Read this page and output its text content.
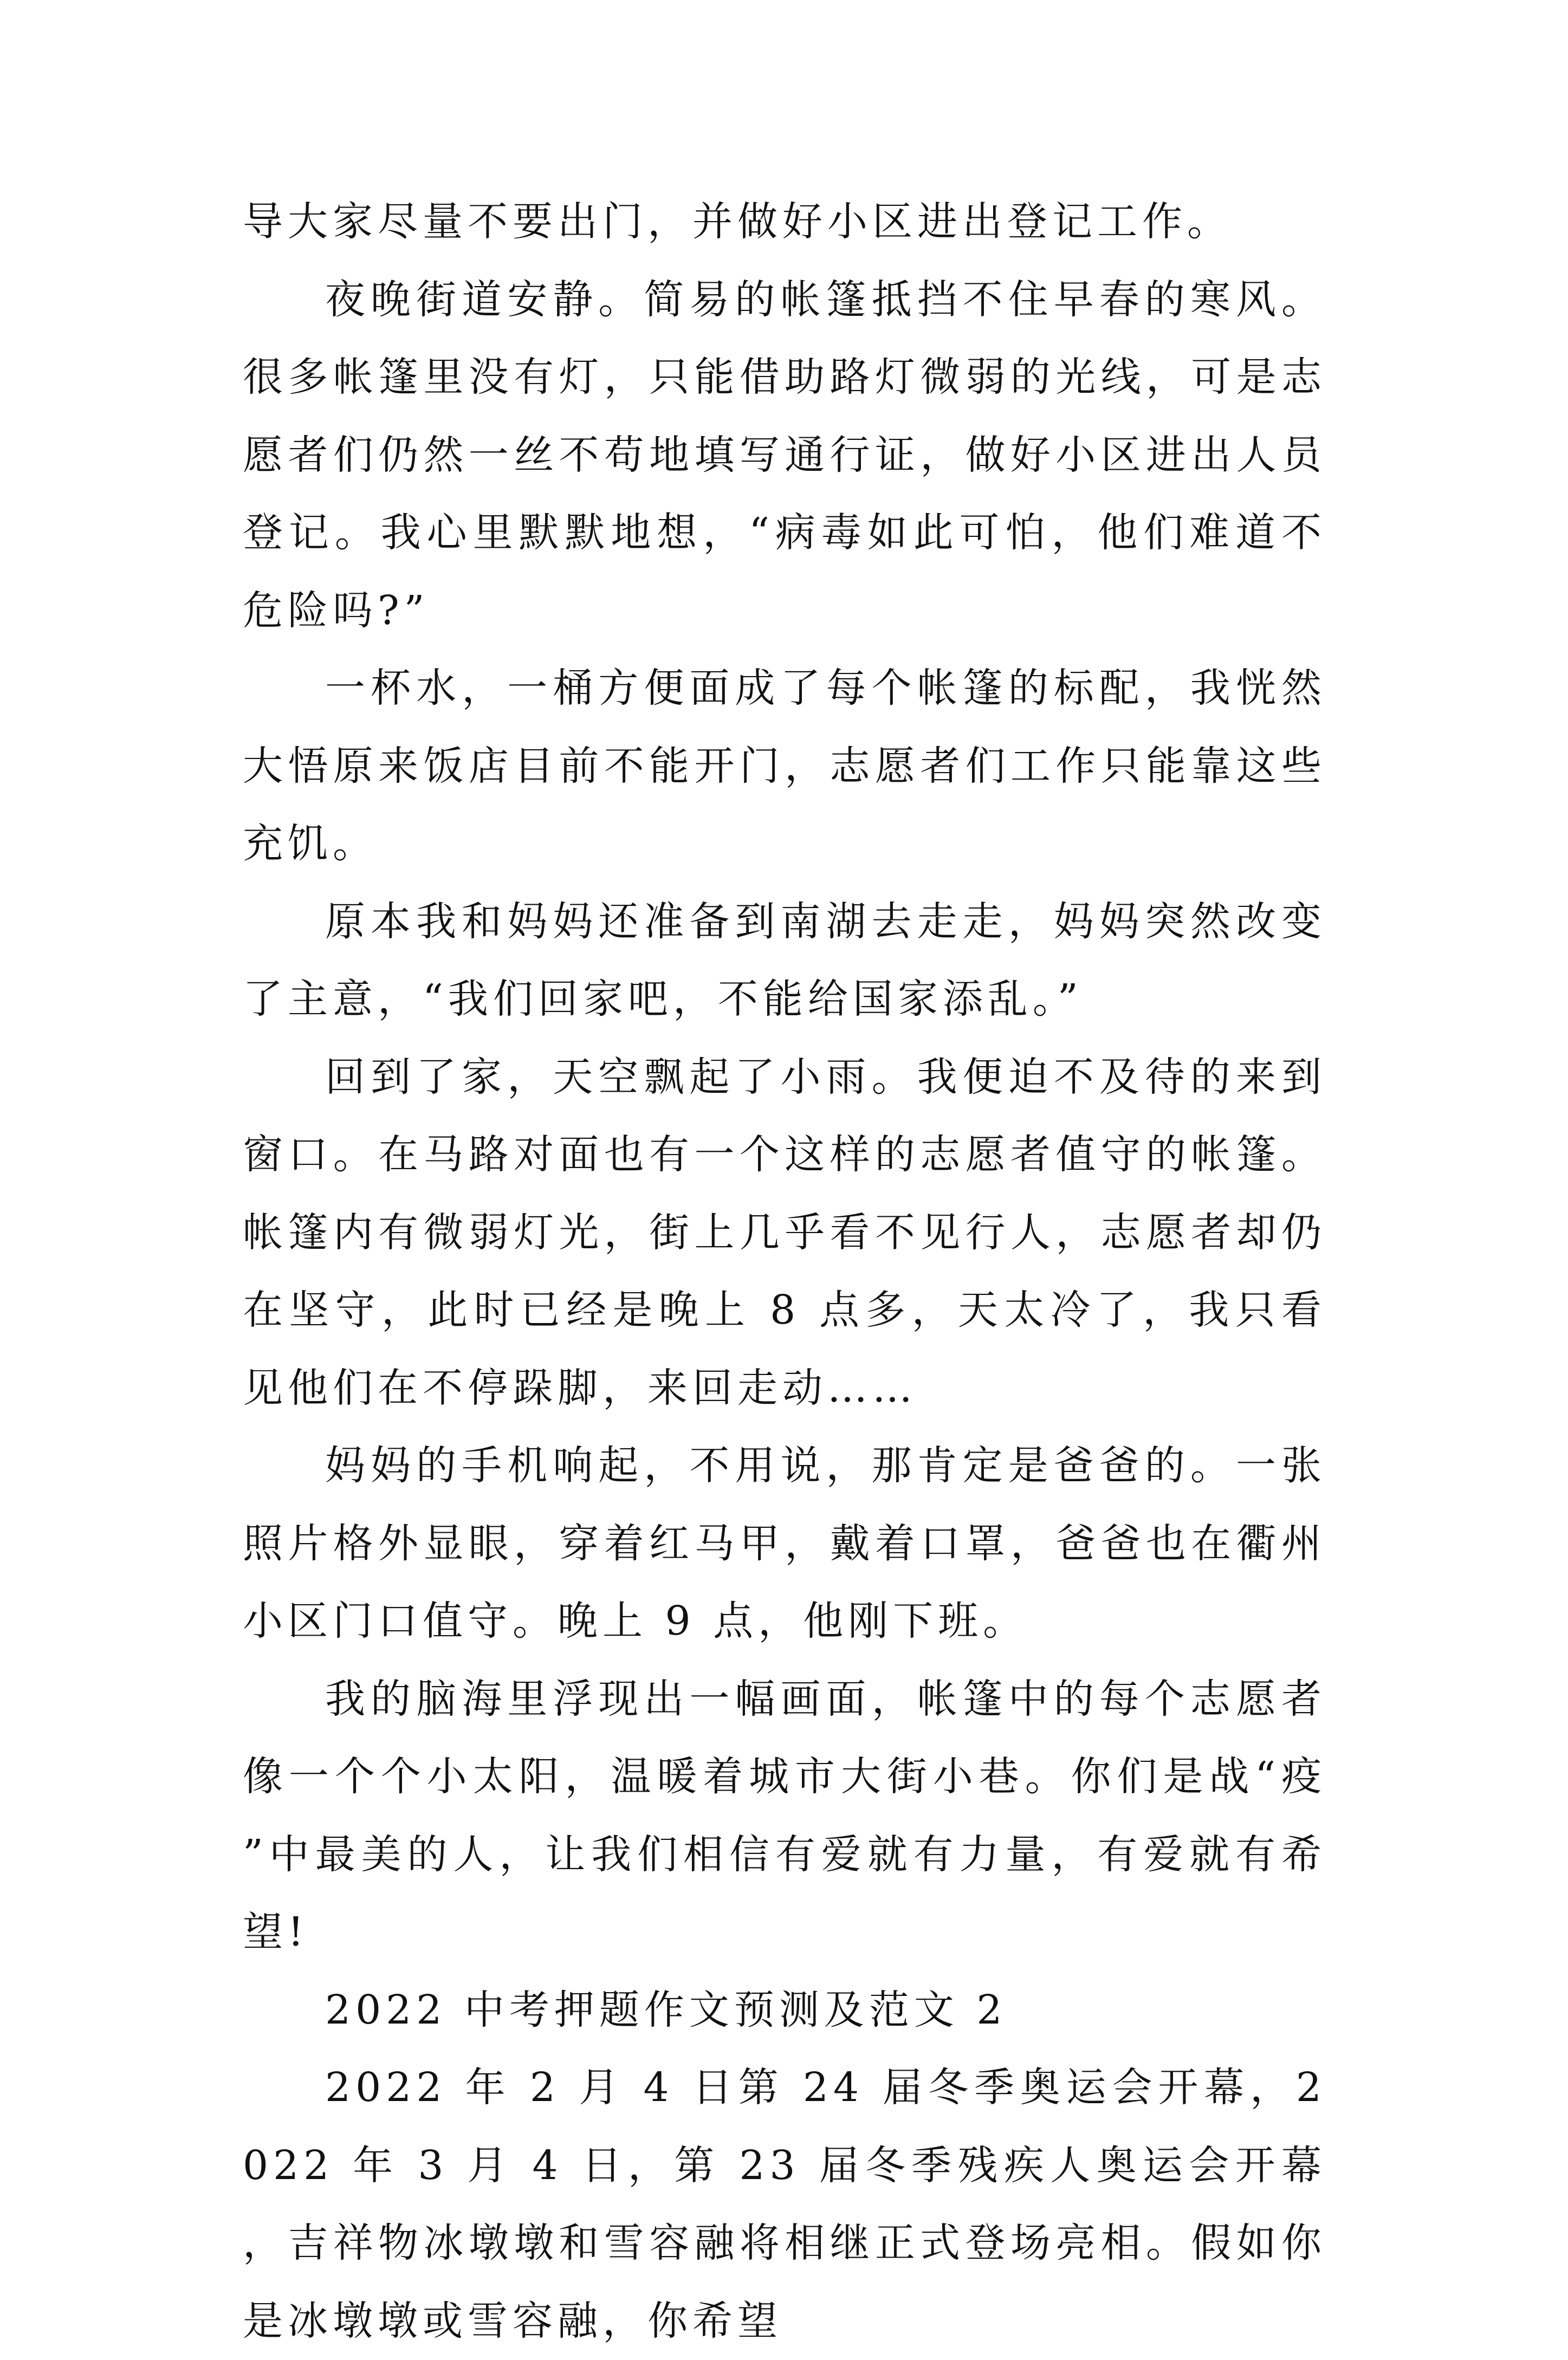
导大家尽量不要出门，并做好小区进出登记工作。

夜晚街道安静。简易的帐篷抵挡不住早春的寒风。很多帐篷里没有灯，只能借助路灯微弱的光线，可是志愿者们仍然一丝不苟地填写通行证，做好小区进出人员登记。我心里默默地想，“病毒如此可怕，他们难道不危险吗?”

一杯水，一桶方便面成了每个帐篷的标配，我恍然大悟原来饭店目前不能开门，志愿者们工作只能靠这些充饥。

原本我和妈妈还准备到南湖去走走，妈妈突然改变了主意，“我们回家吧，不能给国家添乱。”

回到了家，天空飘起了小雨。我便迫不及待的来到窗口。在马路对面也有一个这样的志愿者值守的帐篷。帐篷内有微弱灯光，街上几乎看不见行人，志愿者却仍在坚守，此时已经是晚上 8 点多，天太冷了，我只看见他们在不停跺脚，来回走动……

妈妈的手机响起，不用说，那肯定是爸爸的。一张照片格外显眼，穿着红马甲，戴着口罩，爸爸也在衢州小区门口值守。晚上 9 点，他刚下班。

我的脑海里浮现出一幅画面，帐篷中的每个志愿者像一个个小太阳，温暖着城市大街小巷。你们是战“疫”中最美的人，让我们相信有爱就有力量，有爱就有希望!

2022 中考押题作文预测及范文 2

2022 年 2 月 4 日第 24 届冬季奥运会开幕，2022 年 3 月 4 日，第 23 届冬季残疾人奥运会开幕，吉祥物冰墩墩和雪容融将相继正式登场亮相。假如你是冰墩墩或雪容融，你希望
